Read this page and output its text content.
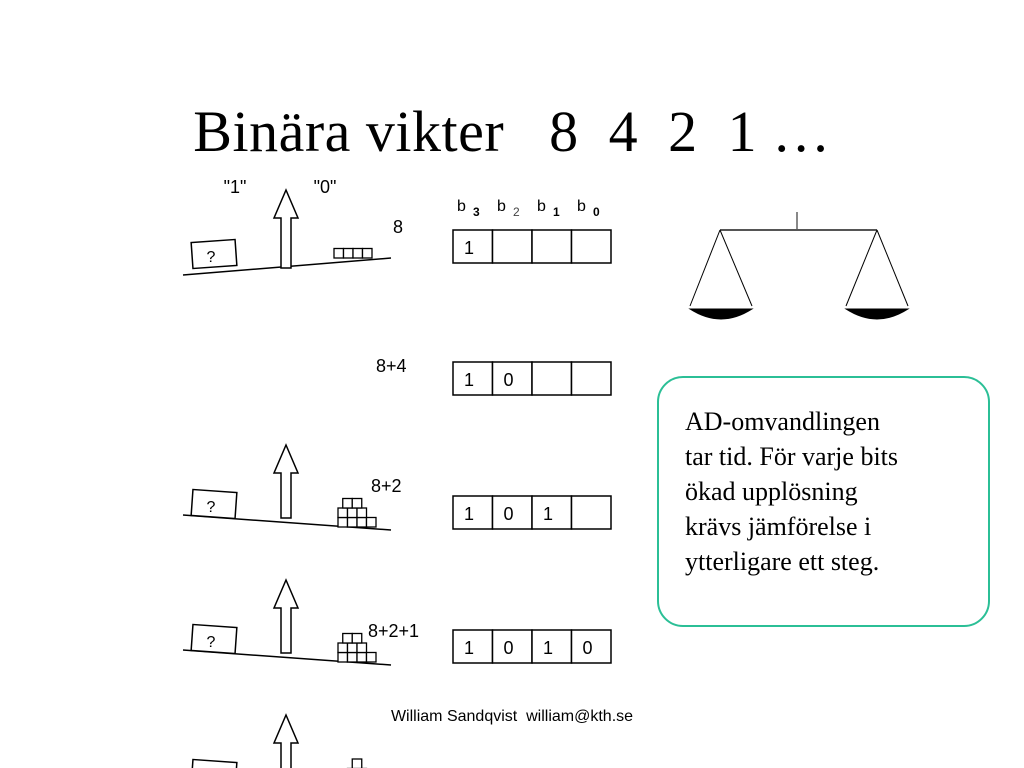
Binära vikter   8  4  2  1 …
?
8
1
?
8+4
1 0
?
8+2
1 0 1
8+2+1
1 0 1 0
"1"	"0"
b 3 b 2 b 1 b 0
AD-omvandlingen
tar tid. För varje bits
ökad upplösning
krävs jämförelse i
ytterligare ett steg.
William Sandqvist  william@kth.se
